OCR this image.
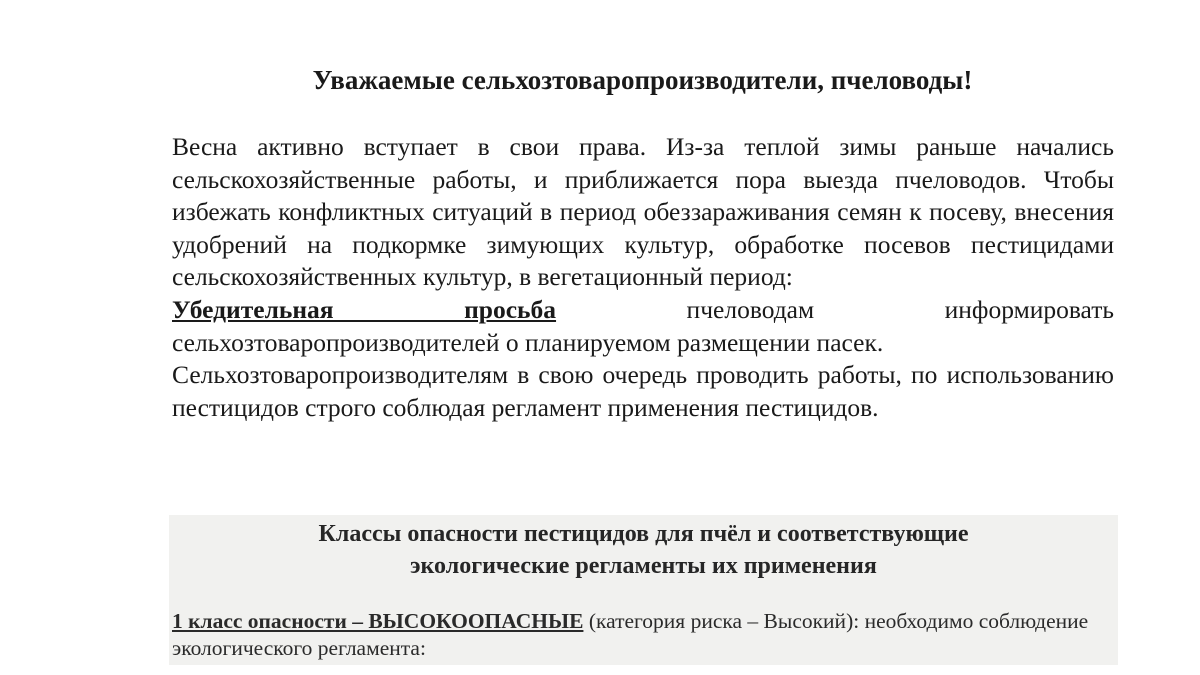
Уважаемые сельхозтоваропроизводители, пчеловоды!

Весна активно вступает в свои права. Из-за теплой зимы раньше начались сельскохозяйственные работы, и приближается пора выезда пчеловодов. Чтобы избежать конфликтных ситуаций в период обеззараживания семян к посеву, внесения удобрений на подкормке зимующих культур, обработке посевов пестицидами сельскохозяйственных культур, в вегетационный период:

Убедительная просьба пчеловодам информировать

сельхозтоваропроизводителей о планируемом размещении пасек.

Сельхозтоваропроизводителям в свою очередь проводить работы, по использованию пестицидов строго соблюдая регламент применения пестицидов.

Классы опасности пестицидов для пчёл и соответствующие
экологические регламенты их применения
1 класс опасности – ВЫСОКООПАСНЫЕ (категория риска – Высокий): необходимо соблюдение экологического регламента:
